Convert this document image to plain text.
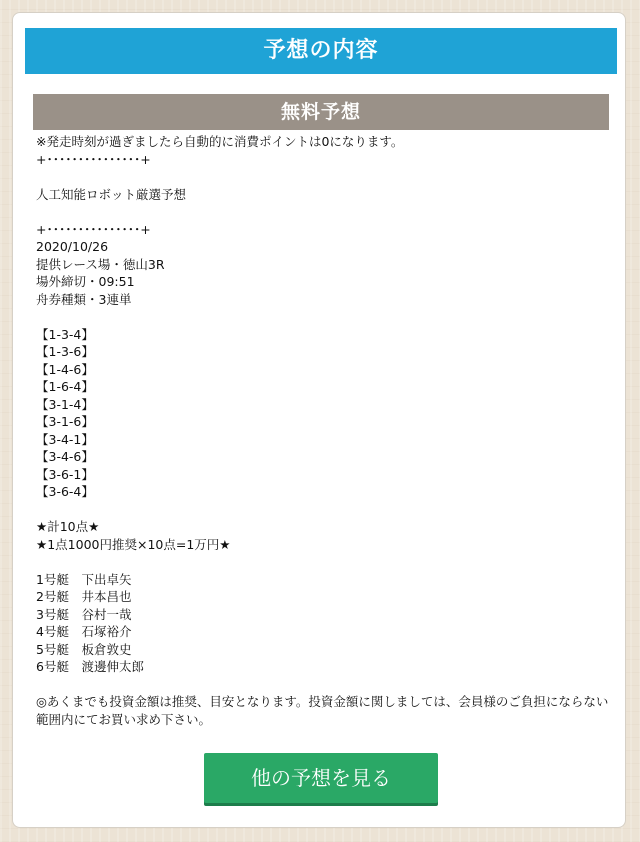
予想の内容
無料予想
※発走時刻が過ぎましたら自動的に消費ポイントは0になります。
+･･･････････････+
人工知能ロボット厳選予想
+･･･････････････+
2020/10/26
提供レース場・徳山3R
場外締切・09:51
舟券種類・3連単
【1-3-4】
【1-3-6】
【1-4-6】
【1-6-4】
【3-1-4】
【3-1-6】
【3-4-1】
【3-4-6】
【3-6-1】
【3-6-4】
★計10点★
★1点1000円推奨×10点=1万円★
1号艇　下出卓矢
2号艇　井本昌也
3号艇　谷村一哉
4号艇　石塚裕介
5号艇　板倉敦史
6号艇　渡邊伸太郎
◎あくまでも投資金額は推奨、目安となります。投資金額に関しましては、会員様のご負担にならない範囲内にてお買い求め下さい。
他の予想を見る
